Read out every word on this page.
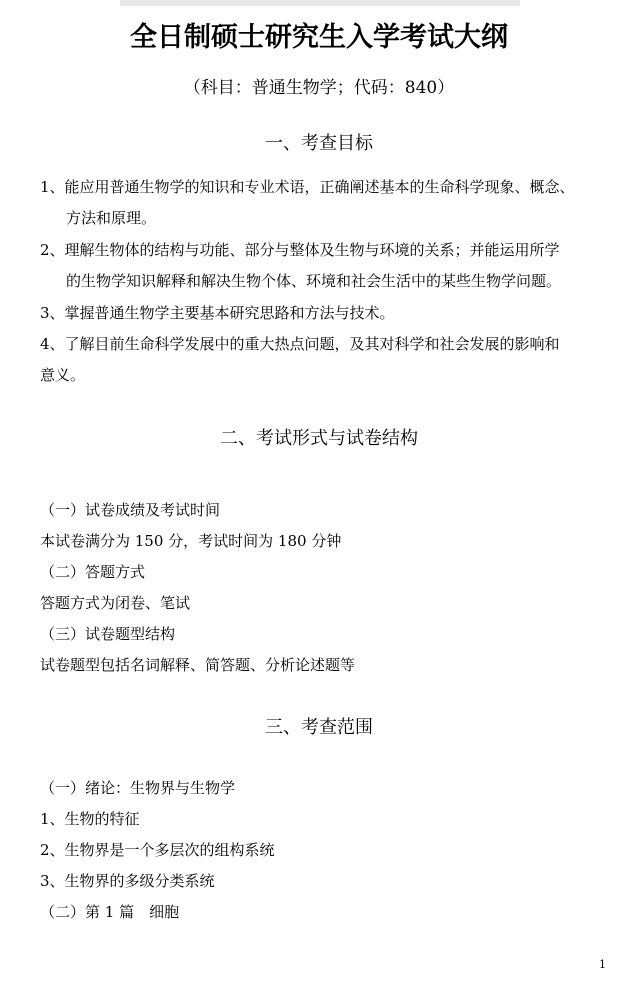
全日制硕士研究生入学考试大纲
（科目：普通生物学；代码：840）
一、考查目标
1、能应用普通生物学的知识和专业术语，正确阐述基本的生命科学现象、概念、
方法和原理。
2、理解生物体的结构与功能、部分与整体及生物与环境的关系；并能运用所学
的生物学知识解释和解决生物个体、环境和社会生活中的某些生物学问题。
3、掌握普通生物学主要基本研究思路和方法与技术。
4、了解目前生命科学发展中的重大热点问题，及其对科学和社会发展的影响和
意义。
二、考试形式与试卷结构
（一）试卷成绩及考试时间
本试卷满分为 150 分，考试时间为 180 分钟
（二）答题方式
答题方式为闭卷、笔试
（三）试卷题型结构
试卷题型包括名词解释、简答题、分析论述题等
三、考查范围
（一）绪论：生物界与生物学
1、生物的特征
2、生物界是一个多层次的组构系统
3、生物界的多级分类系统
（二）第 1 篇　细胞
1
